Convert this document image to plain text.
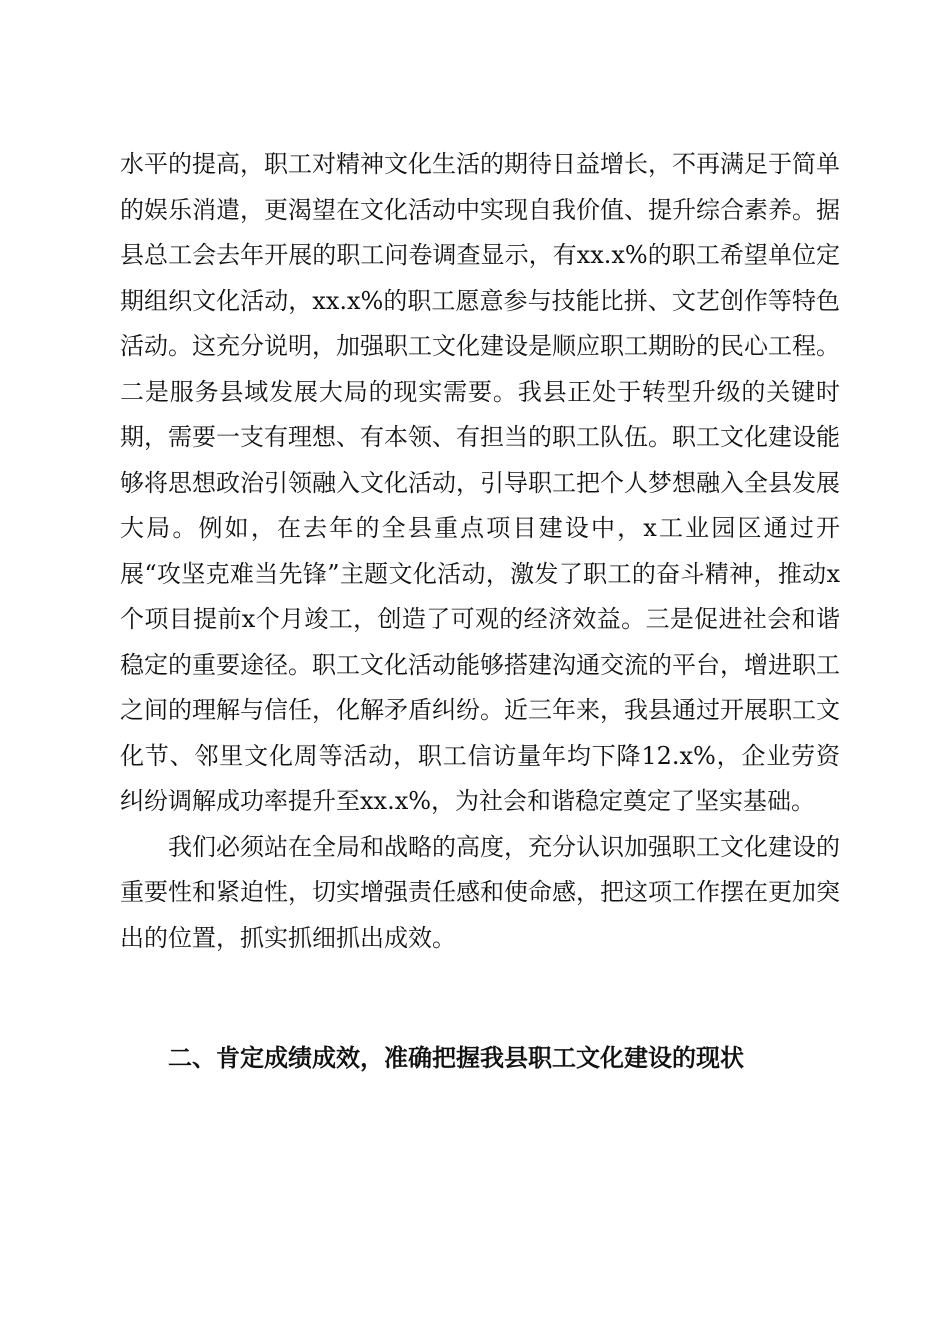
水平的提高，职工对精神文化生活的期待日益增长，不再满足于简单的娱乐消遣，更渴望在文化活动中实现自我价值、提升综合素养。据县总工会去年开展的职工问卷调查显示，有xx.x%的职工希望单位定期组织文化活动，xx.x%的职工愿意参与技能比拼、文艺创作等特色活动。这充分说明，加强职工文化建设是顺应职工期盼的民心工程。二是服务县域发展大局的现实需要。我县正处于转型升级的关键时期，需要一支有理想、有本领、有担当的职工队伍。职工文化建设能够将思想政治引领融入文化活动，引导职工把个人梦想融入全县发展大局。例如，在去年的全县重点项目建设中，x工业园区通过开展“攻坚克难当先锋”主题文化活动，激发了职工的奋斗精神，推动x个项目提前x个月竣工，创造了可观的经济效益。三是促进社会和谐稳定的重要途径。职工文化活动能够搭建沟通交流的平台，增进职工之间的理解与信任，化解矛盾纠纷。近三年来，我县通过开展职工文化节、邻里文化周等活动，职工信访量年均下降12.x%，企业劳资纠纷调解成功率提升至xx.x%，为社会和谐稳定奠定了坚实基础。

我们必须站在全局和战略的高度，充分认识加强职工文化建设的重要性和紧迫性，切实增强责任感和使命感，把这项工作摆在更加突出的位置，抓实抓细抓出成效。

二、肯定成绩成效，准确把握我县职工文化建设的现状
